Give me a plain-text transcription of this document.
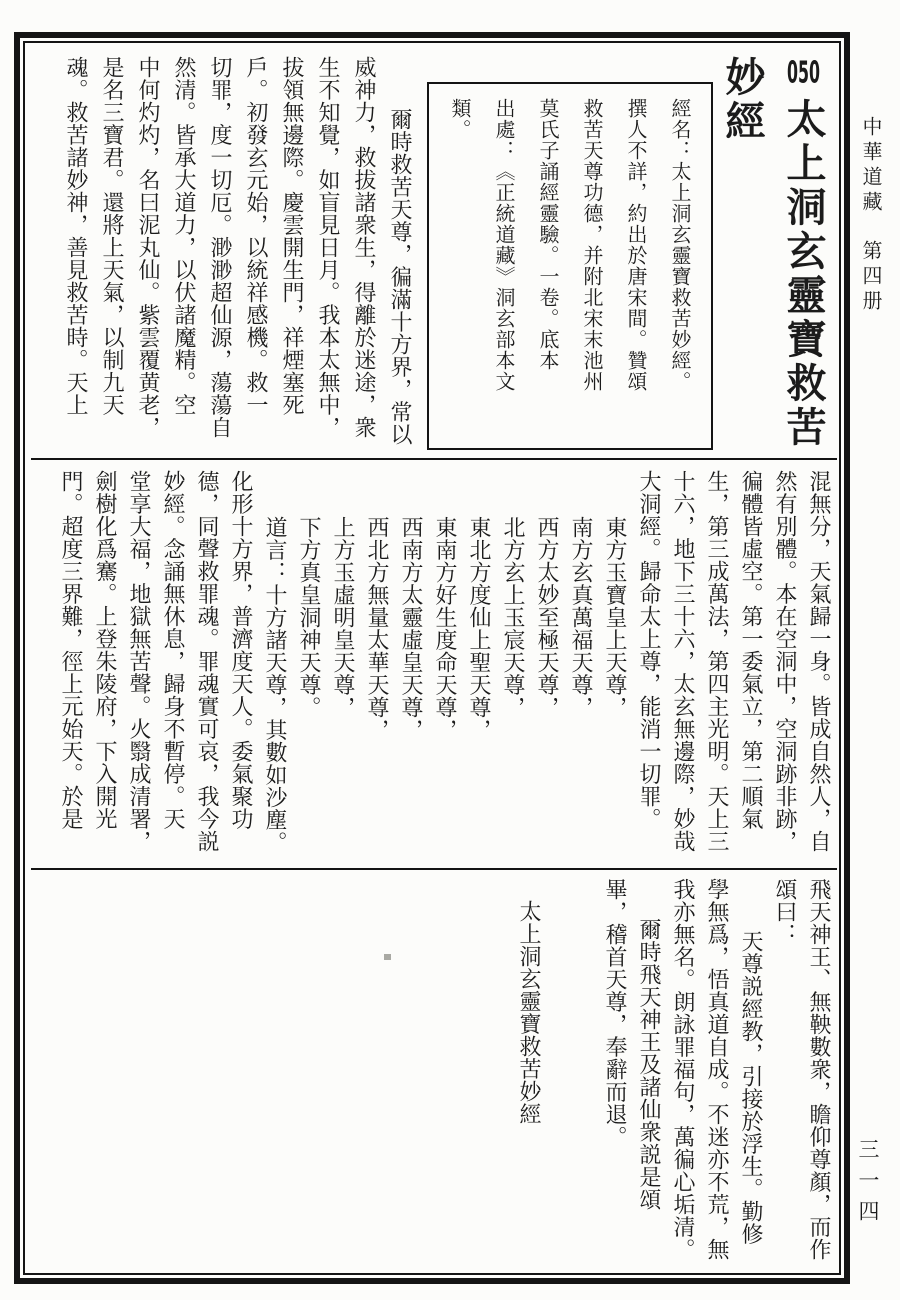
中華道藏第四册
三一四

050太上洞玄靈寶救苦

妙經

經名：太上洞玄靈寶救苦妙經。

撰人不詳，約出於唐宋間。贊頌

救苦天尊功德，并附北宋末池州

莫氏子誦經靈驗。一卷。底本

出處：《正統道藏》洞玄部本文

類。

爾時救苦天尊，徧滿十方界，常以

威神力，救拔諸衆生，得離於迷途，衆

生不知覺，如盲見日月。我本太無中，

拔領無邊際。慶雲開生門，祥煙塞死

戶。初發玄元始，以統祥感機。救一

切罪，度一切厄。渺渺超仙源，蕩蕩自

然清。皆承大道力，以伏諸魔精。空

中何灼灼，名曰泥丸仙。紫雲覆黄老，

是名三寶君。還將上天氣，以制九天

魂。救苦諸妙神，善見救苦時。天上

混無分，天氣歸一身。皆成自然人，自

然有別體。本在空洞中，空洞跡非跡，

徧體皆虛空。第一委氣立，第二順氣

生，第三成萬法，第四主光明。天上三

十六，地下三十六，太玄無邊際，妙哉

大洞經。歸命太上尊，能消一切罪。

東方玉寶皇上天尊，

南方玄真萬福天尊，

西方太妙至極天尊，

北方玄上玉宸天尊，

東北方度仙上聖天尊，

東南方好生度命天尊，

西南方太靈虛皇天尊，

西北方無量太華天尊，

上方玉虛明皇天尊，

下方真皇洞神天尊。

道言：十方諸天尊，其數如沙塵。

化形十方界，普濟度天人。委氣聚功

德，同聲救罪魂。罪魂實可哀，我今説

妙經。念誦無休息，歸身不暫停。天

堂享大福，地獄無苦聲。火翳成清署，

劍樹化爲騫。上登朱陵府，下入開光

門。超度三界難，徑上元始天。於是

飛天神王、無鞅數衆，瞻仰尊顏，而作

頌曰：

天尊説經教，引接於浮生。勤修

學無爲，悟真道自成。不迷亦不荒，無

我亦無名。朗詠罪福句，萬徧心垢清。

爾時飛天神王及諸仙衆説是頌

畢，稽首天尊，奉辭而退。

太上洞玄靈寶救苦妙經
